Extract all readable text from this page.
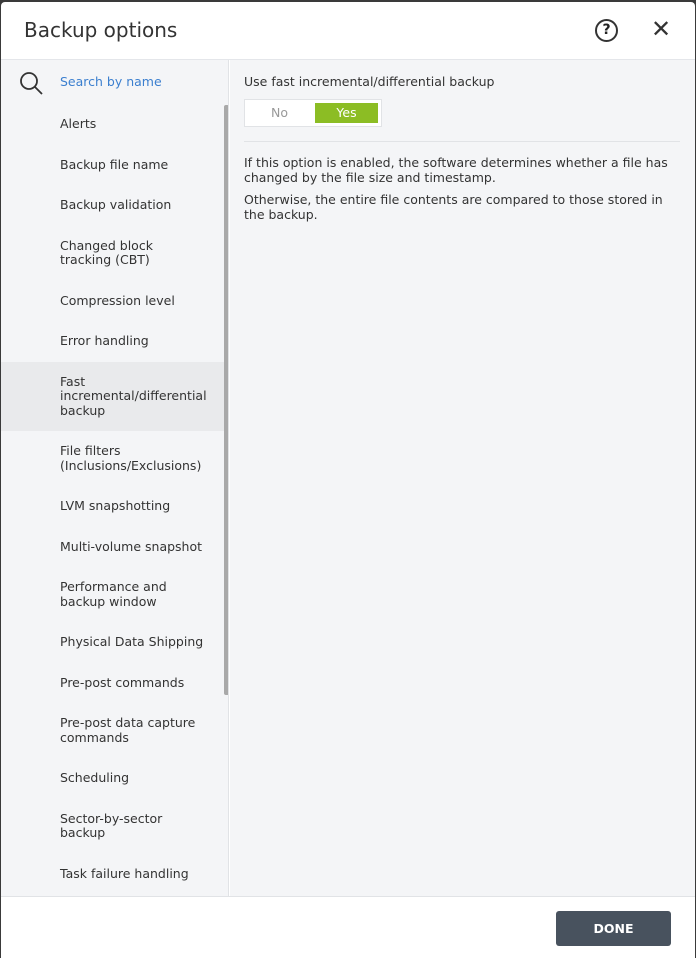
Backup options	?	✕
Search by name
Alerts
Backup file name
Backup validation
Changed block tracking (CBT)
Compression level
Error handling
Fast incremental/differential backup
File filters (Inclusions/Exclusions)
LVM snapshotting
Multi-volume snapshot
Performance and backup window
Physical Data Shipping
Pre-post commands
Pre-post data capture commands
Scheduling
Sector-by-sector backup
Task failure handling
Use fast incremental/differential backup
No	Yes
If this option is enabled, the software determines whether a file has changed by the file size and timestamp.
Otherwise, the entire file contents are compared to those stored in the backup.
DONE
